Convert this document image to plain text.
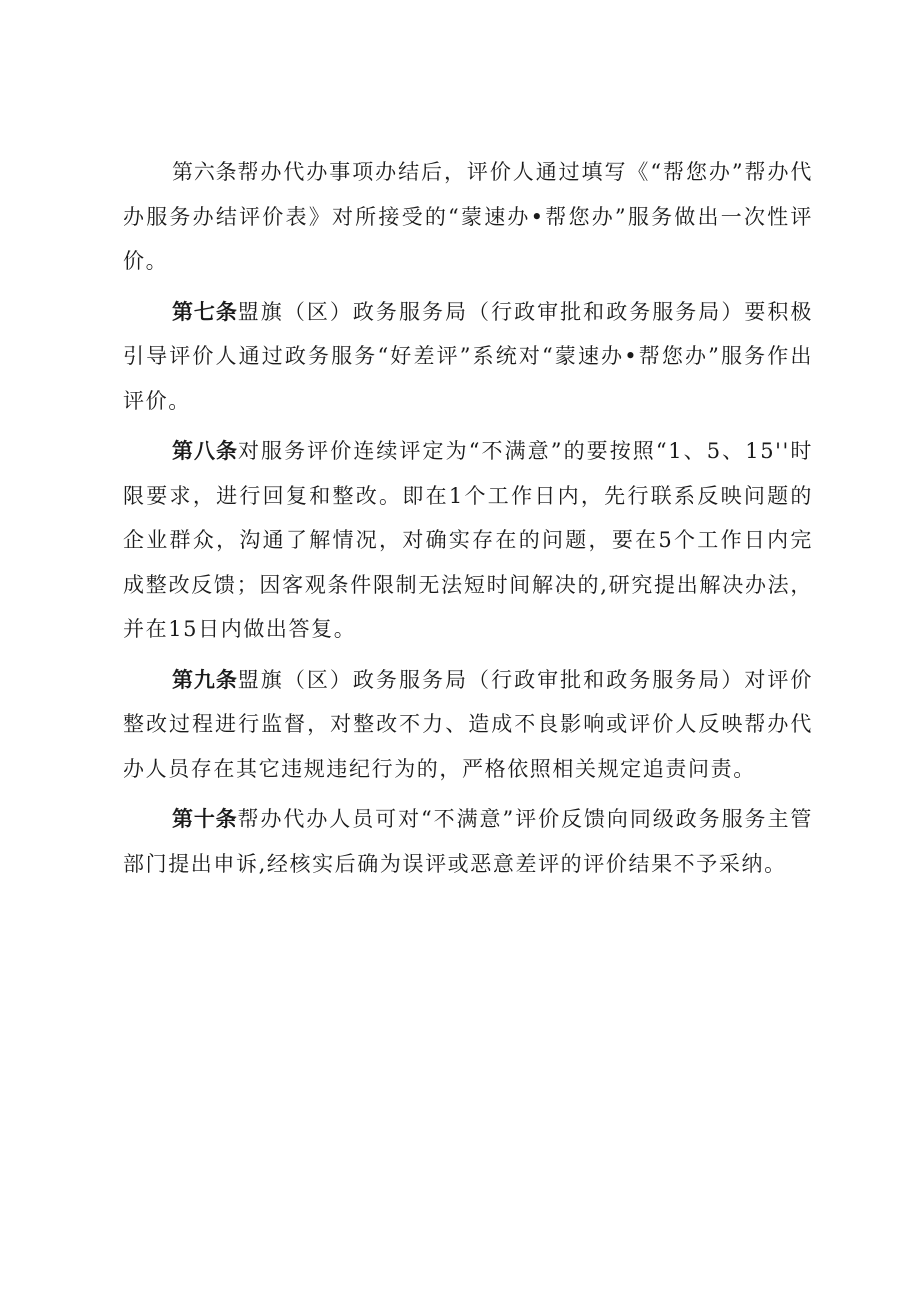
第六条帮办代办事项办结后，评价人通过填写《“帮您办”帮办代办服务办结评价表》对所接受的“蒙速办•帮您办”服务做出一次性评价。

第七条盟旗（区）政务服务局（行政审批和政务服务局）要积极引导评价人通过政务服务“好差评”系统对“蒙速办•帮您办”服务作出评价。

第八条对服务评价连续评定为“不满意”的要按照“1、5、15''时限要求，进行回复和整改。即在1个工作日内，先行联系反映问题的企业群众，沟通了解情况，对确实存在的问题，要在5个工作日内完成整改反馈；因客观条件限制无法短时间解决的,研究提出解决办法，并在15日内做出答复。

第九条盟旗（区）政务服务局（行政审批和政务服务局）对评价整改过程进行监督，对整改不力、造成不良影响或评价人反映帮办代办人员存在其它违规违纪行为的，严格依照相关规定追责问责。

第十条帮办代办人员可对“不满意”评价反馈向同级政务服务主管部门提出申诉,经核实后确为误评或恶意差评的评价结果不予采纳。
